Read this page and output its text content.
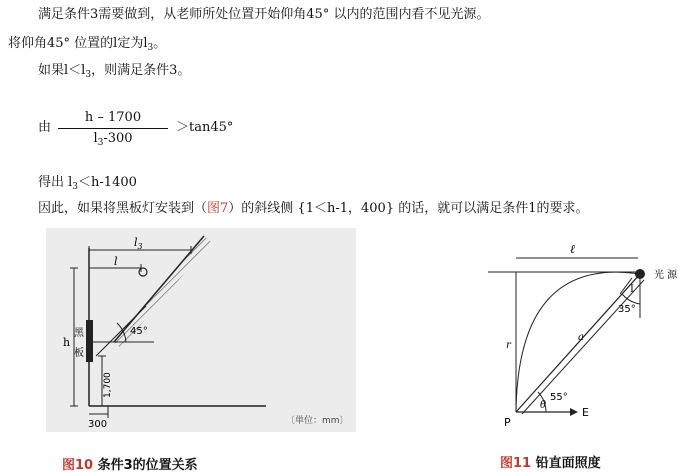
满足条件3需要做到，从老师所处位置开始仰角45° 以内的范围内看不见光源。
将仰角45° 位置的l定为$l_3$。
如果$l<l_3$，则满足条件3。
由
h – 1700
$l_3-300$
＞tan45°
得出 $l_3<h-1400$
因此，如果将黑板灯安装到（图7）的斜线侧 {1＜h-1，400} 的话，就可以满足条件1的要求。
$l_3$
l
45°
黑
板
h
1,700
300	〔単位：mm〕
图10 条件3的位置关系
ℓ
光 源
I
35°
a
r
55°
θ
P
E
图11 铅直面照度
